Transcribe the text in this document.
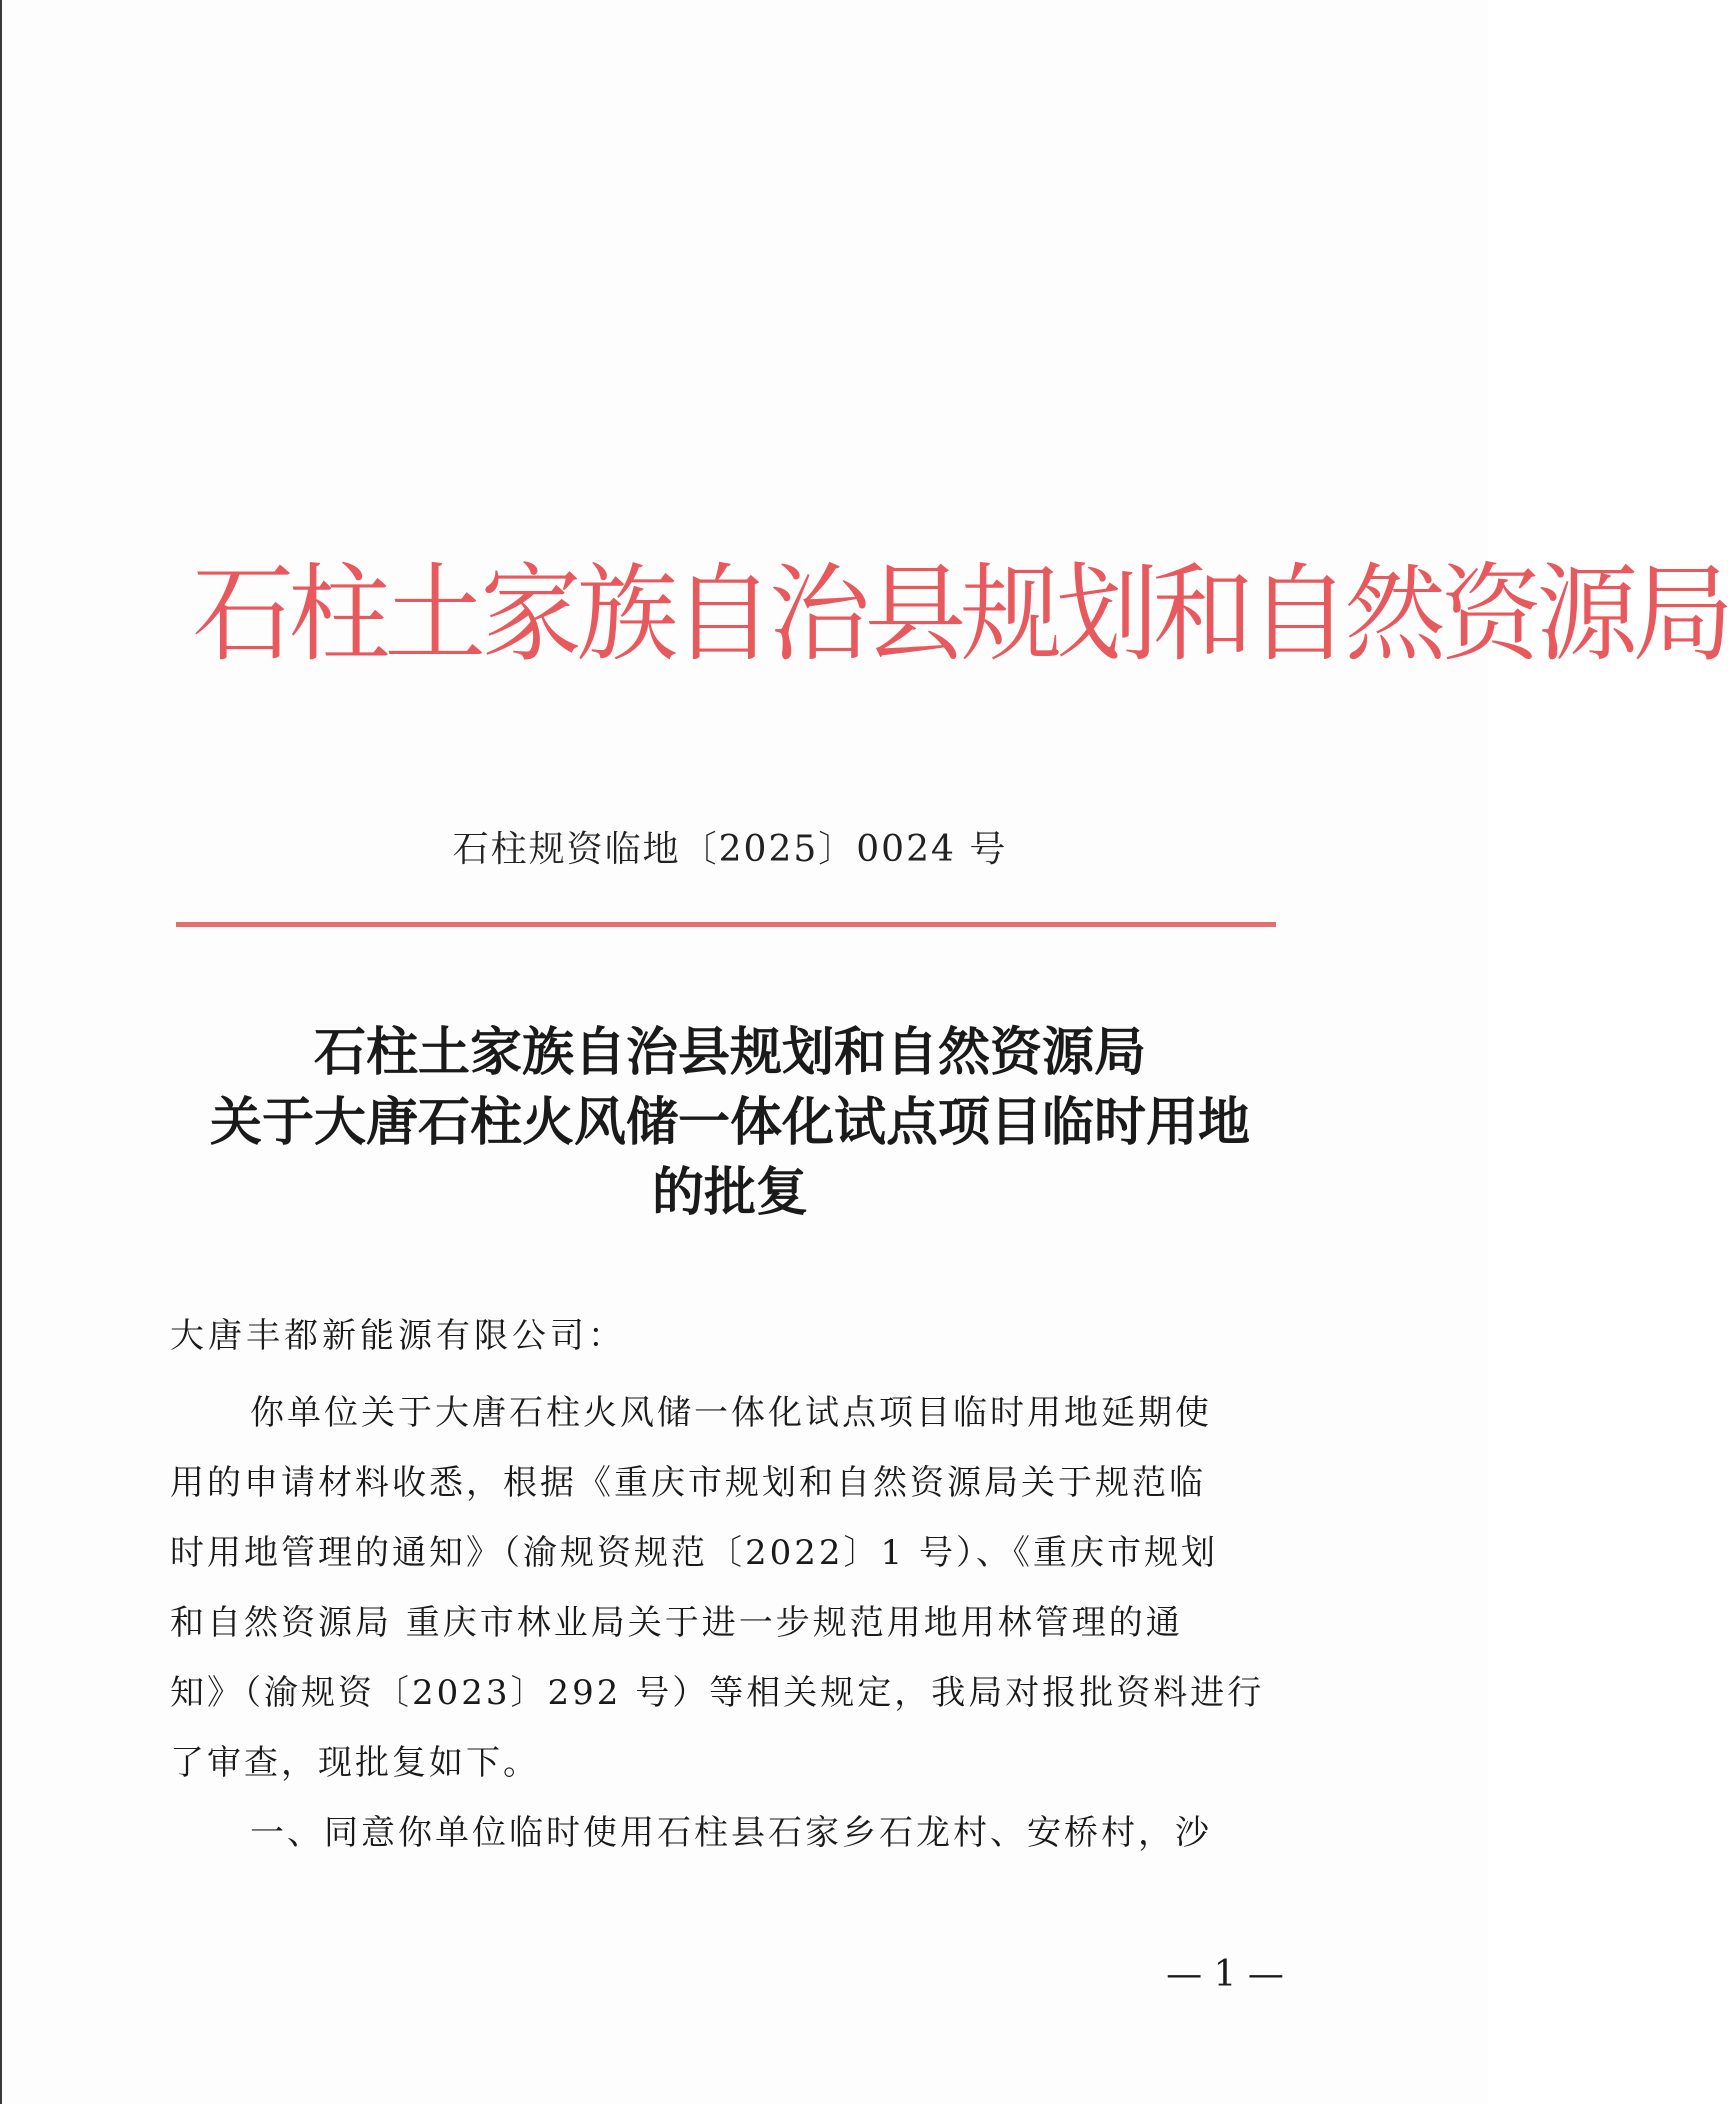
石柱土家族自治县规划和自然资源局
石柱规资临地〔2025〕0024 号
石柱土家族自治县规划和自然资源局
关于大唐石柱火风储一体化试点项目临时用地
的批复
大唐丰都新能源有限公司：
你单位关于大唐石柱火风储一体化试点项目临时用地延期使
用的申请材料收悉，根据《重庆市规划和自然资源局关于规范临
时用地管理的通知》（渝规资规范〔2022〕1 号）、《重庆市规划
和自然资源局 重庆市林业局关于进一步规范用地用林管理的通
知》（渝规资〔2023〕292 号）等相关规定，我局对报批资料进行
了审查，现批复如下。
一、同意你单位临时使用石柱县石家乡石龙村、安桥村，沙
— 1 —
